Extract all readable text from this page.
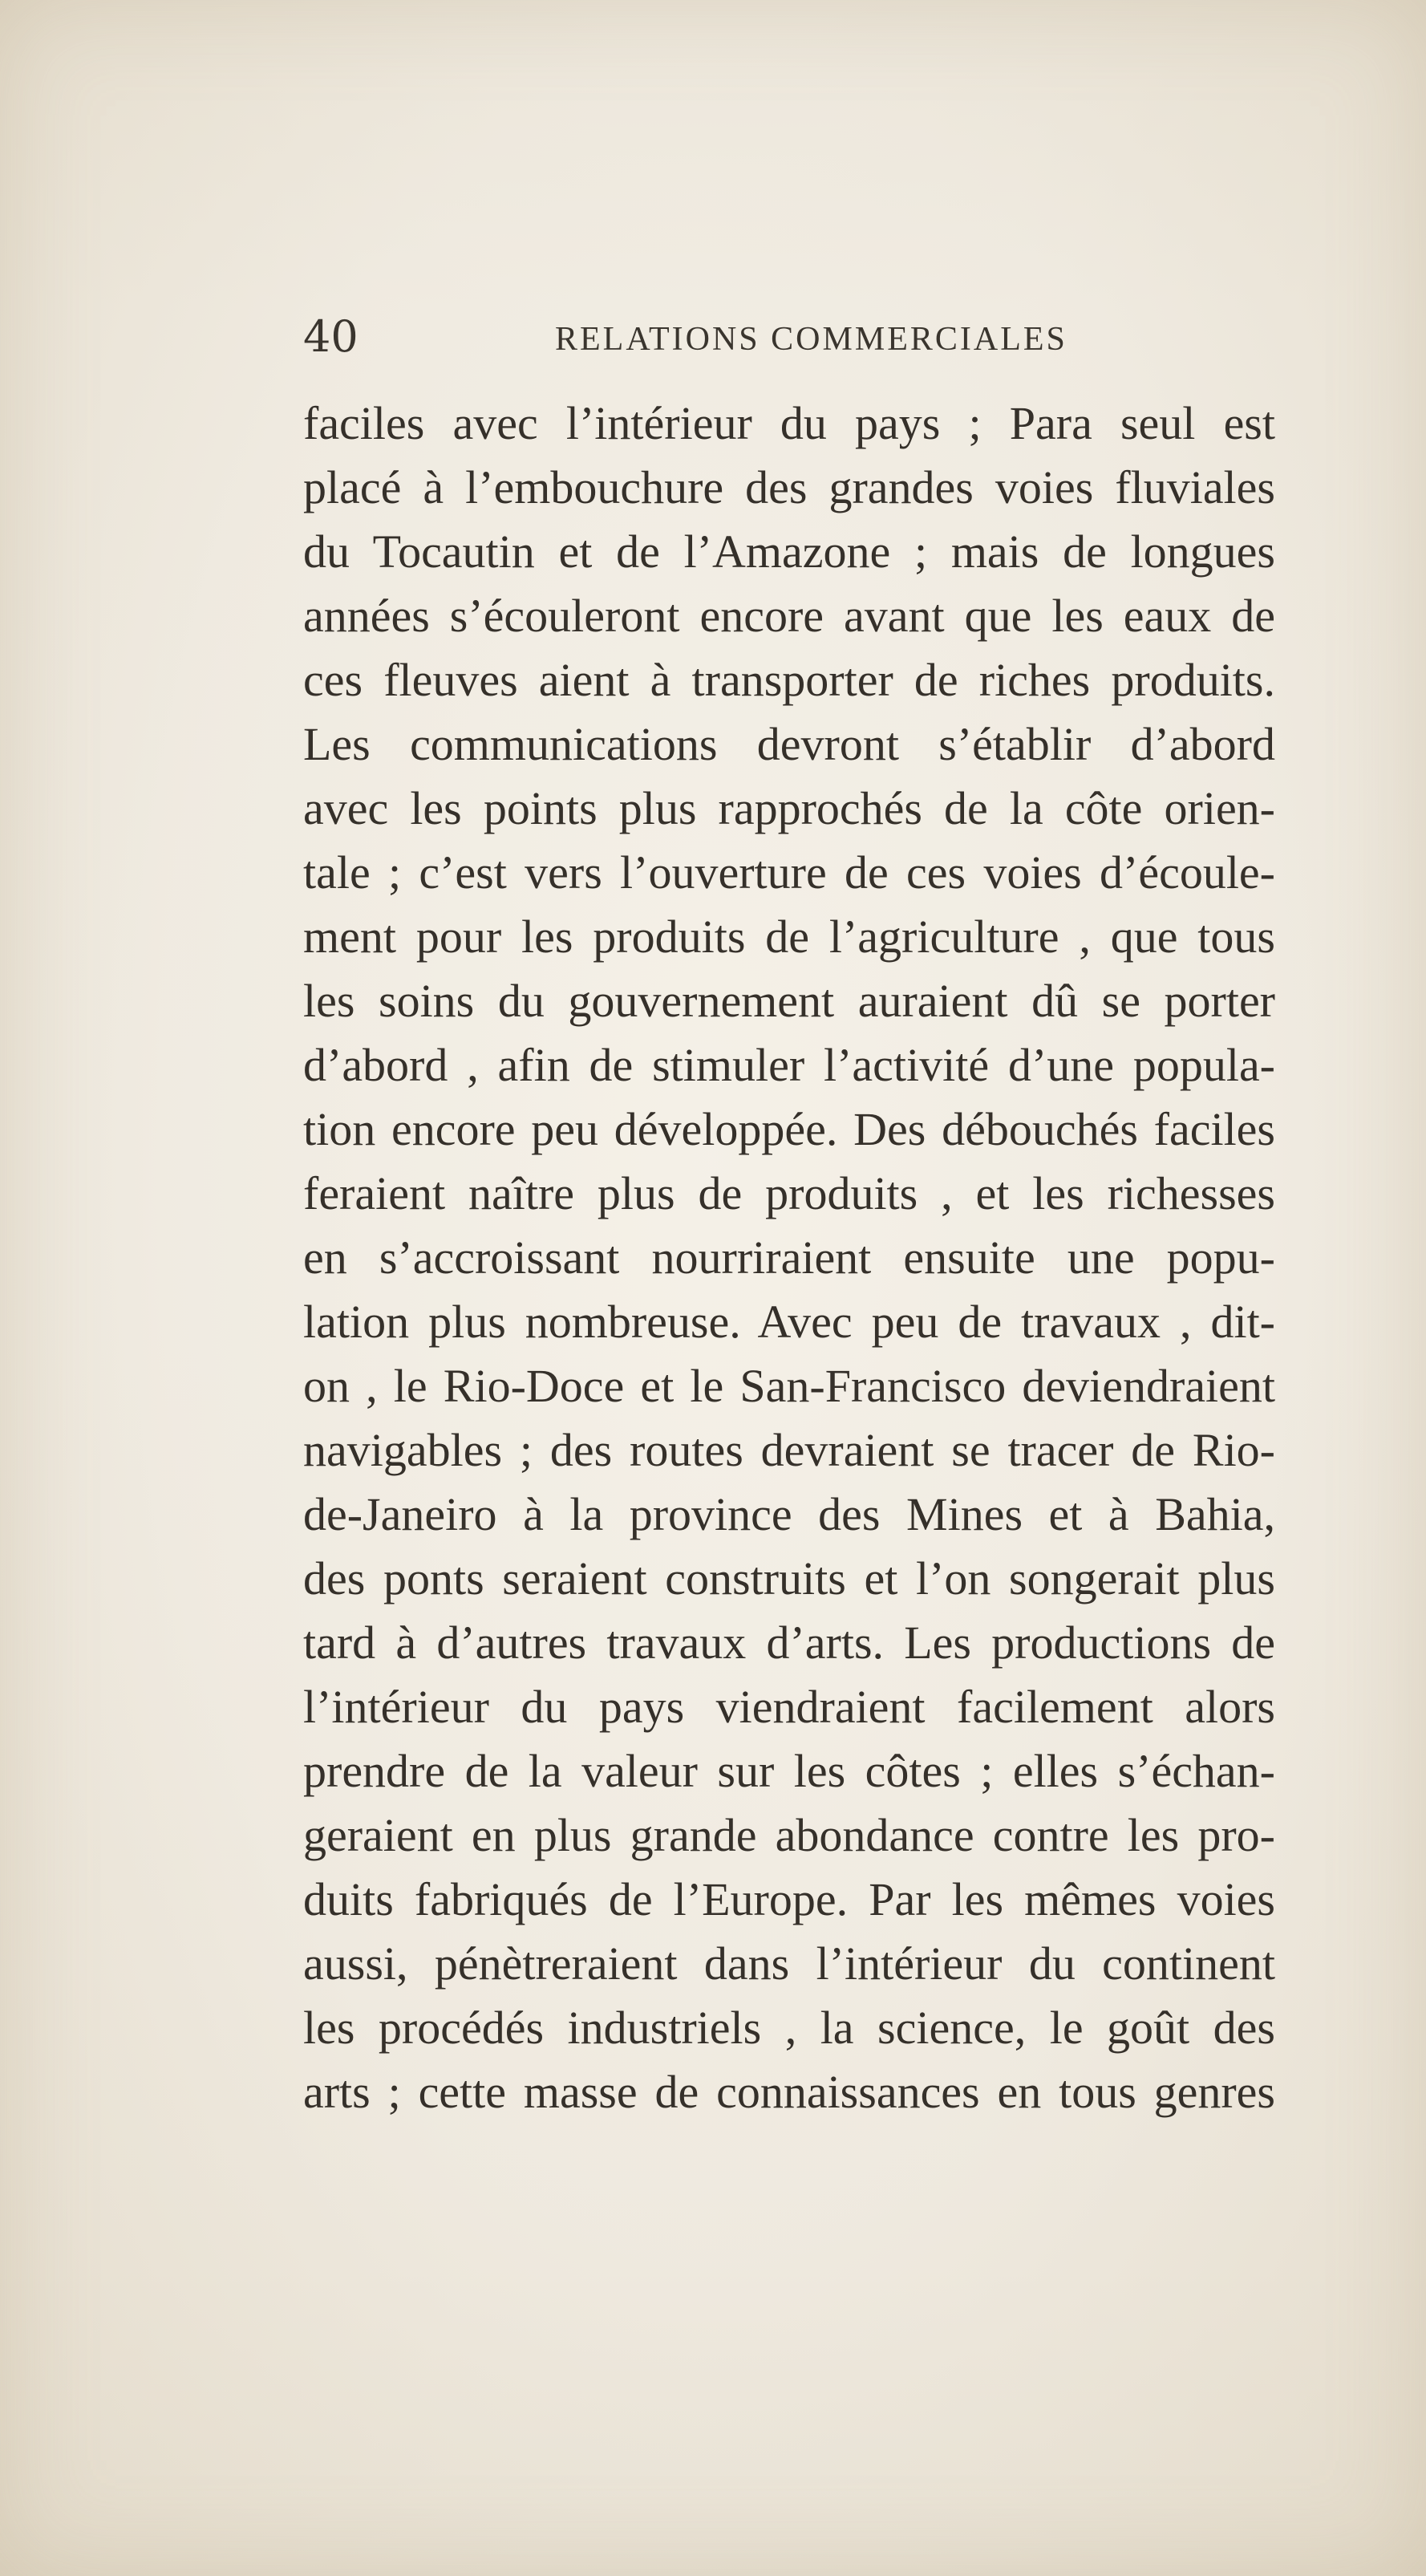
40	RELATIONS COMMERCIALES
faciles avec l’intérieur du pays ; Para seul est
placé à l’embouchure des grandes voies fluviales
du Tocautin et de l’Amazone ; mais de longues
années s’écouleront encore avant que les eaux de
ces fleuves aient à transporter de riches produits.
Les communications devront s’établir d’abord
avec les points plus rapprochés de la côte orien-
tale ; c’est vers l’ouverture de ces voies d’écoule-
ment pour les produits de l’agriculture , que tous
les soins du gouvernement auraient dû se porter
d’abord , afin de stimuler l’activité d’une popula-
tion encore peu développée. Des débouchés faciles
feraient naître plus de produits , et les richesses
en s’accroissant nourriraient ensuite une popu-
lation plus nombreuse. Avec peu de travaux , dit-
on , le Rio-Doce et le San-Francisco deviendraient
navigables ; des routes devraient se tracer de Rio-
de-Janeiro à la province des Mines et à Bahia,
des ponts seraient construits et l’on songerait plus
tard à d’autres travaux d’arts. Les productions de
l’intérieur du pays viendraient facilement alors
prendre de la valeur sur les côtes ; elles s’échan-
geraient en plus grande abondance contre les pro-
duits fabriqués de l’Europe. Par les mêmes voies
aussi, pénètreraient dans l’intérieur du continent
les procédés industriels , la science, le goût des
arts ; cette masse de connaissances en tous genres
